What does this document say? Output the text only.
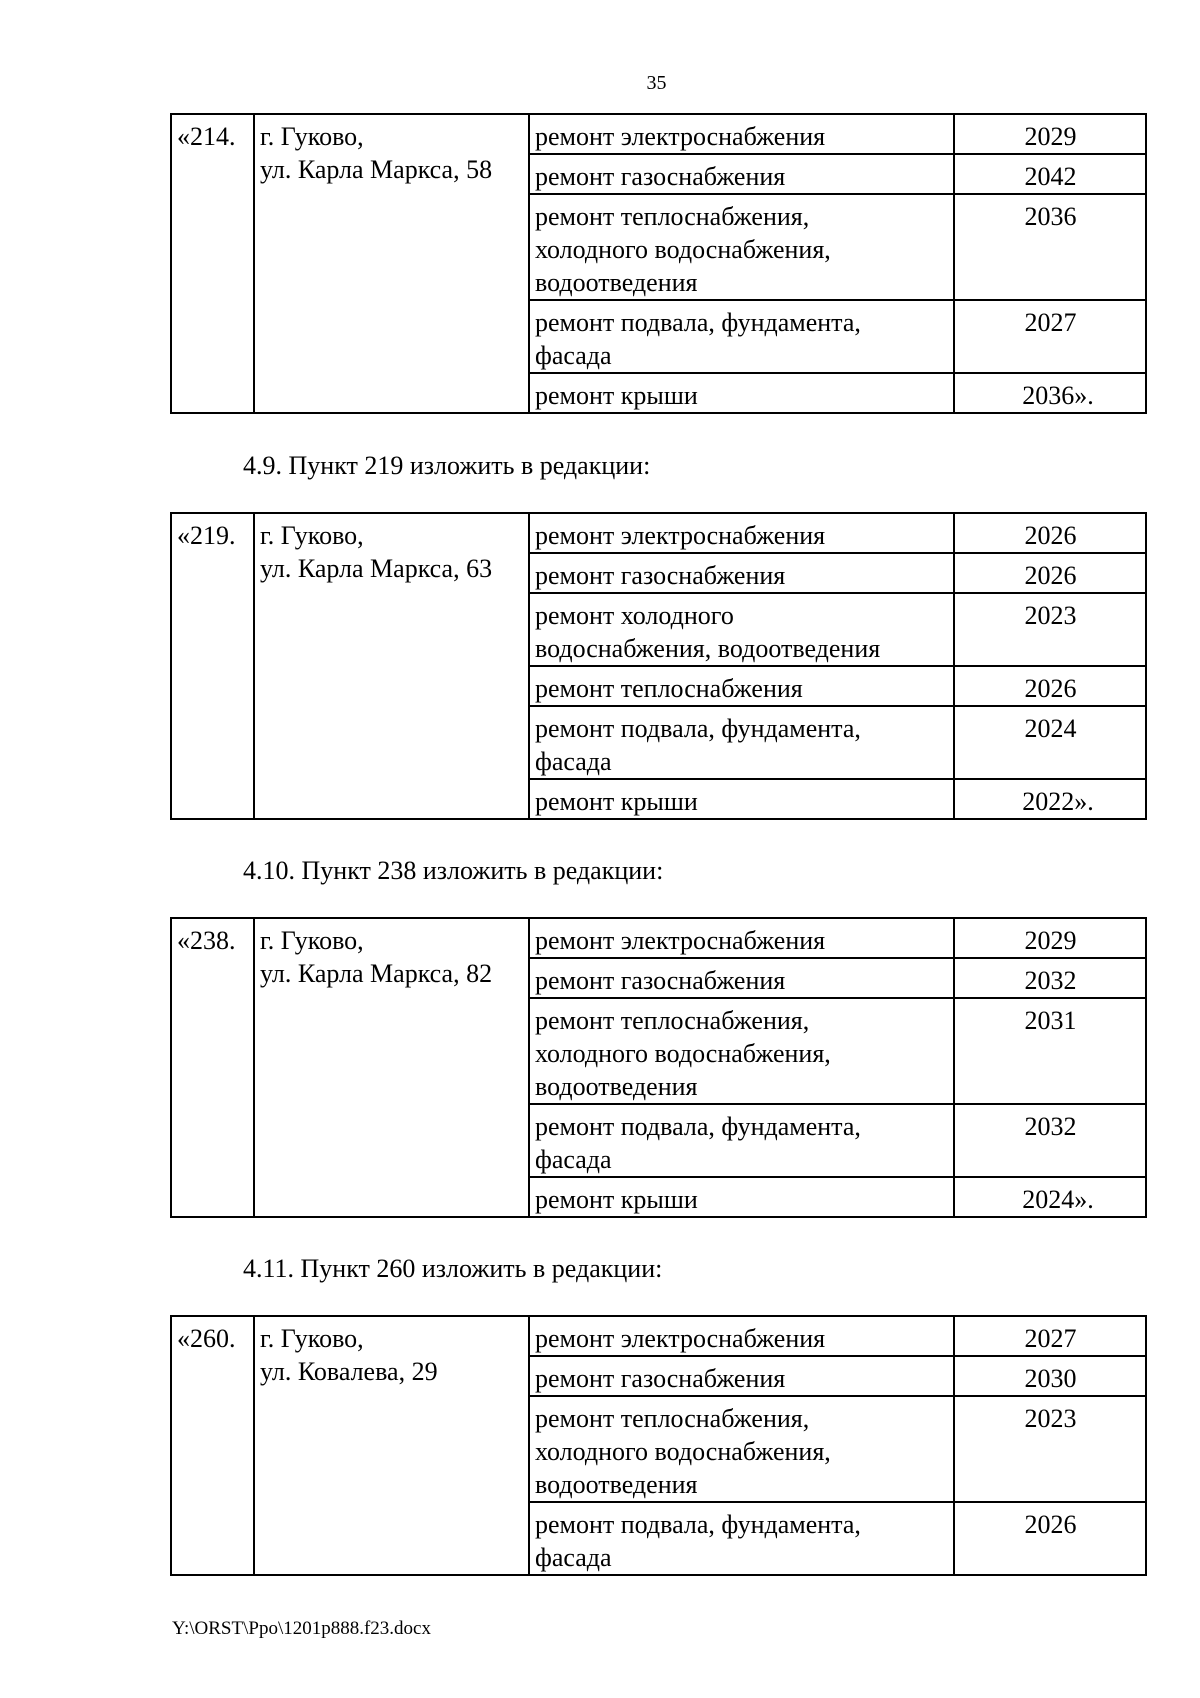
35
«214.	г. Гуково,
ул. Карла Маркса, 58	ремонт электроснабжения	2029
		ремонт газоснабжения	2042
		ремонт теплоснабжения,
холодного водоснабжения,
водоотведения	2036
		ремонт подвала, фундамента,
фасада	2027
		ремонт крыши	2036».
4.9. Пункт 219 изложить в редакции:
«219.	г. Гуково,
ул. Карла Маркса, 63	ремонт электроснабжения	2026
		ремонт газоснабжения	2026
		ремонт холодного
водоснабжения, водоотведения	2023
		ремонт теплоснабжения	2026
		ремонт подвала, фундамента,
фасада	2024
		ремонт крыши	2022».
4.10. Пункт 238 изложить в редакции:
«238.	г. Гуково,
ул. Карла Маркса, 82	ремонт электроснабжения	2029
		ремонт газоснабжения	2032
		ремонт теплоснабжения,
холодного водоснабжения,
водоотведения	2031
		ремонт подвала, фундамента,
фасада	2032
		ремонт крыши	2024».
4.11. Пункт 260 изложить в редакции:
«260.	г. Гуково,
ул. Ковалева, 29	ремонт электроснабжения	2027
		ремонт газоснабжения	2030
		ремонт теплоснабжения,
холодного водоснабжения,
водоотведения	2023
		ремонт подвала, фундамента,
фасада	2026
Y:\ORST\Ppo\1201p888.f23.docx
